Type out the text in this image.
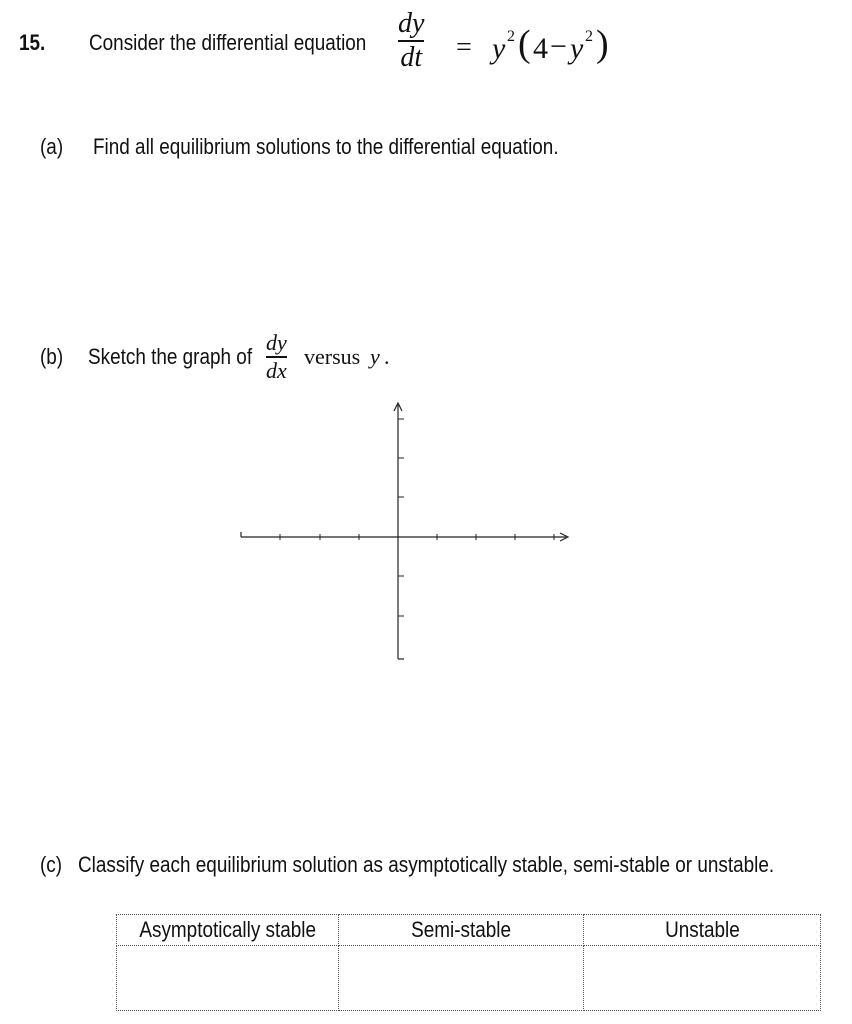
15. Consider the differential equation
dy
dt = y 2 ( 4 − y 2 )
(a) Find all equilibrium solutions to the differential equation.
(b) Sketch the graph of
dy
dx
versus y .
(c) Classify each equilibrium solution as asymptotically stable, semi-stable or unstable.
Asymptotically stable	Semi-stable	Unstable
